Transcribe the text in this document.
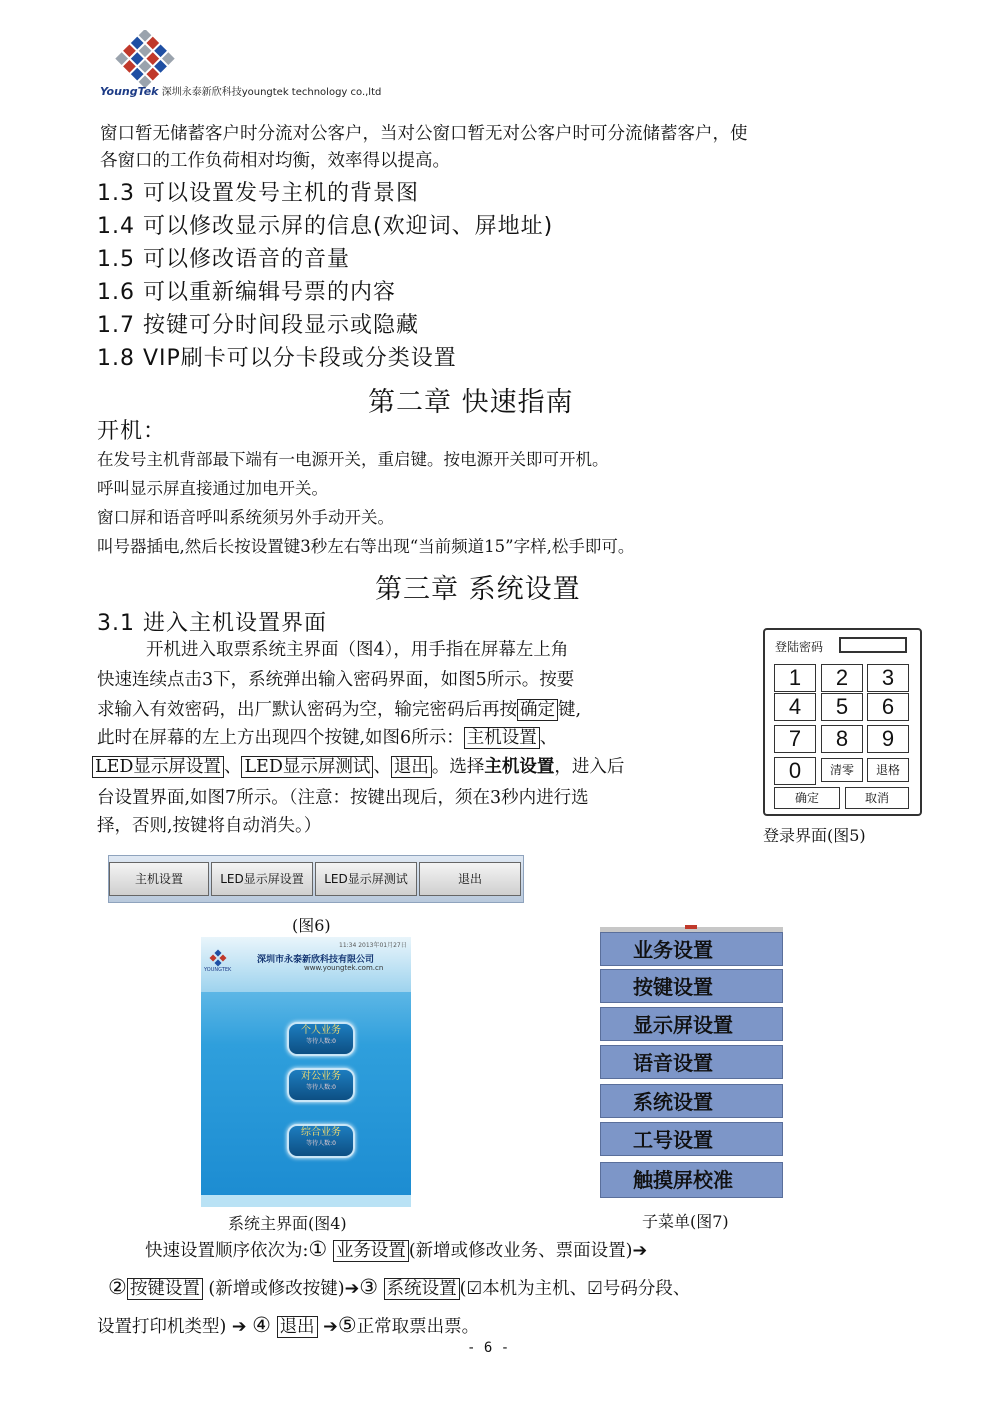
YoungTek 深圳永泰新欣科技youngtek technology co.,ltd
窗口暂无储蓄客户时分流对公客户，当对公窗口暂无对公客户时可分流储蓄客户，使
各窗口的工作负荷相对均衡，效率得以提高。
1.3 可以设置发号主机的背景图
1.4 可以修改显示屏的信息(欢迎词、屏地址)
1.5 可以修改语音的音量
1.6 可以重新编辑号票的内容
1.7 按键可分时间段显示或隐藏
1.8 VIP刷卡可以分卡段或分类设置
第二章 快速指南
开机：
在发号主机背部最下端有一电源开关，重启键。按电源开关即可开机。
呼叫显示屏直接通过加电开关。
窗口屏和语音呼叫系统须另外手动开关。
叫号器插电,然后长按设置键3秒左右等出现“当前频道15”字样,松手即可。
第三章 系统设置
3.1 进入主机设置界面
开机进入取票系统主界面（图4），用手指在屏幕左上角
快速连续点击3下，系统弹出输入密码界面，如图5所示。按要
求输入有效密码，出厂默认密码为空，输完密码后再按 确定 键,
此时在屏幕的左上方出现四个按键,如图6所示： 主机设置 、
LED显示屏设置 、 LED显示屏测试 、 退出 。选择主机设置，进入后
台设置界面,如图7所示。（注意：按键出现后，须在3秒内进行选
择，否则,按键将自动消失。）
登陆密码
1	2	3
4	5	6
7	8	9
0	清零	退格
确定	取消
登录界面(图5)
主机设置	LED显示屏设置	LED显示屏测试	退出
(图6)
11:34 2013年01月27日
YOUNGTEK
深圳市永泰新欣科技有限公司
www.youngtek.com.cn
个人业务
等待人数:0
对公业务
等待人数:0
综合业务
等待人数:0
系统主界面(图4)
业务设置
按键设置
显示屏设置
语音设置
系统设置
工号设置
触摸屏校准
子菜单(图7)
快速设置顺序依次为:① 业务设置 (新增或修改业务、票面设置)➔
② 按键设置 (新增或修改按键)➔③ 系统设置 (☑本机为主机、☑号码分段、
设置打印机类型) ➔ ④ 退出 ➔⑤正常取票出票。
- 6 -
